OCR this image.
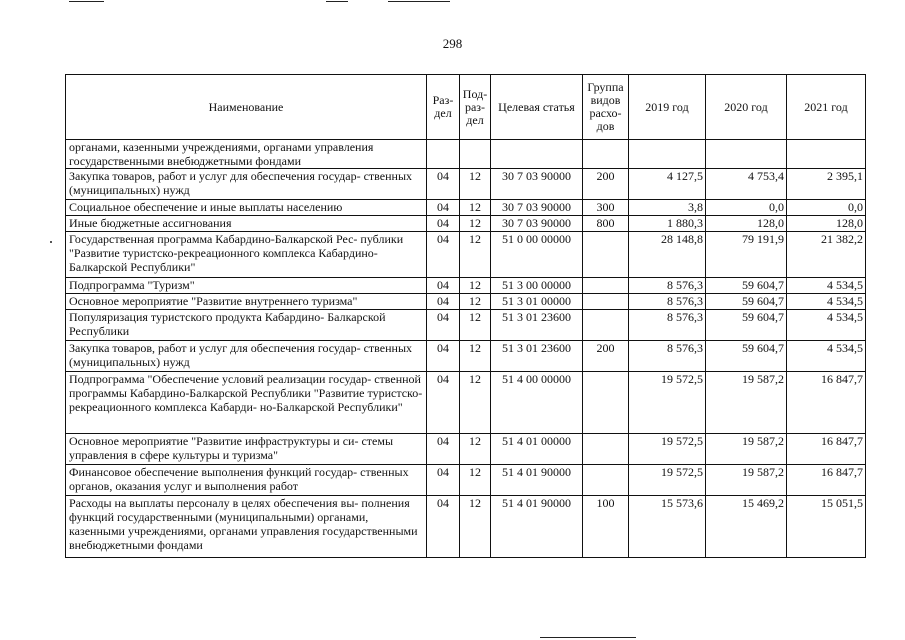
298
Наименование	Раз- дел	Под- раз- дел	Целевая статья	Группа видов расхо- дов	2019 год	2020 год	2021 год
органами, казенными учреждениями, органами управления государственными внебюджетными фондами							
Закупка товаров, работ и услуг для обеспечения государ- ственных (муниципальных) нужд	04	12	30 7 03 90000	200	4 127,5	4 753,4	2 395,1
Социальное обеспечение и иные выплаты населению	04	12	30 7 03 90000	300	3,8	0,0	0,0
Иные бюджетные ассигнования	04	12	30 7 03 90000	800	1 880,3	128,0	128,0
Государственная программа Кабардино-Балкарской Рес- публики "Развитие туристско-рекреационного комплекса Кабардино-Балкарской Республики"	04	12	51 0 00 00000		28 148,8	79 191,9	21 382,2
Подпрограмма "Туризм"	04	12	51 3 00 00000		8 576,3	59 604,7	4 534,5
Основное мероприятие "Развитие внутреннего туризма"	04	12	51 3 01 00000		8 576,3	59 604,7	4 534,5
Популяризация туристского продукта Кабардино- Балкарской Республики	04	12	51 3 01 23600		8 576,3	59 604,7	4 534,5
Закупка товаров, работ и услуг для обеспечения государ- ственных (муниципальных) нужд	04	12	51 3 01 23600	200	8 576,3	59 604,7	4 534,5
Подпрограмма "Обеспечение условий реализации государ- ственной программы Кабардино-Балкарской Республики "Развитие туристско-рекреационного комплекса Кабарди- но-Балкарской Республики"	04	12	51 4 00 00000		19 572,5	19 587,2	16 847,7
Основное мероприятие "Развитие инфраструктуры и си- стемы управления в сфере культуры и туризма"	04	12	51 4 01 00000		19 572,5	19 587,2	16 847,7
Финансовое обеспечение выполнения функций государ- ственных органов, оказания услуг и выполнения работ	04	12	51 4 01 90000		19 572,5	19 587,2	16 847,7
Расходы на выплаты персоналу в целях обеспечения вы- полнения функций государственными (муниципальными) органами, казенными учреждениями, органами управления государственными внебюджетными фондами	04	12	51 4 01 90000	100	15 573,6	15 469,2	15 051,5
